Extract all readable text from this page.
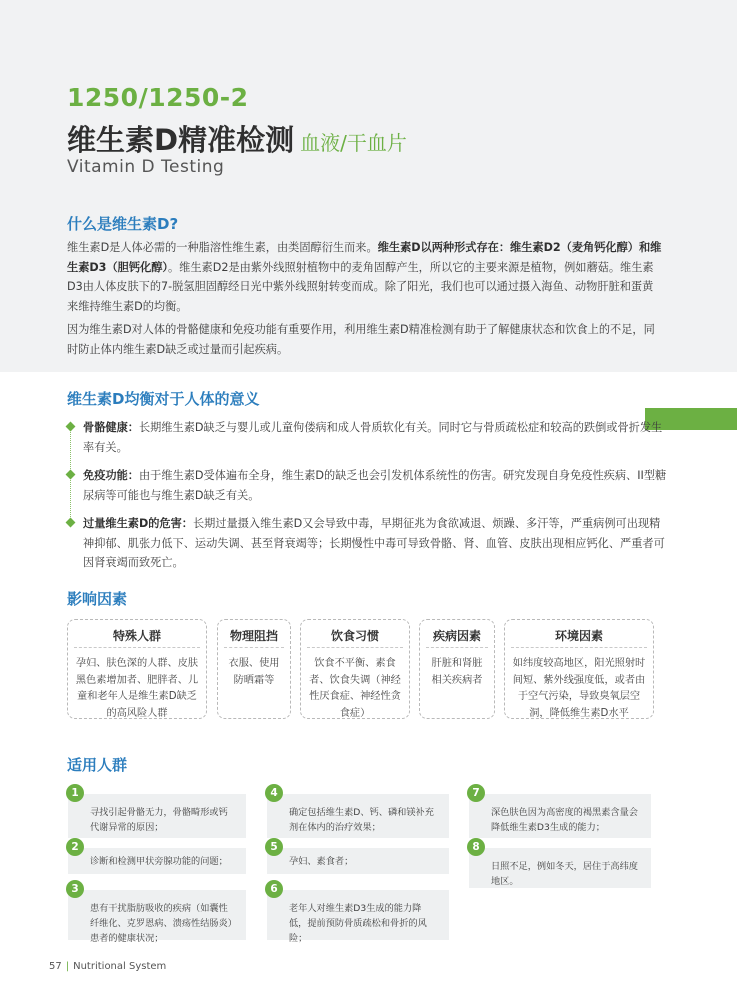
1250/1250-2
维生素D精准检测 血液/干血片
Vitamin D Testing
什么是维生素D?
维生素D是人体必需的一种脂溶性维生素，由类固醇衍生而来。维生素D以两种形式存在：维生素D2（麦角钙化醇）和维生素D3（胆钙化醇）。维生素D2是由紫外线照射植物中的麦角固醇产生，所以它的主要来源是植物，例如蘑菇。维生素D3由人体皮肤下的7-脱氢胆固醇经日光中紫外线照射转变而成。除了阳光，我们也可以通过摄入海鱼、动物肝脏和蛋黄来维持维生素D的均衡。
因为维生素D对人体的骨骼健康和免疫功能有重要作用，利用维生素D精准检测有助于了解健康状态和饮食上的不足，同时防止体内维生素D缺乏或过量而引起疾病。
维生素D均衡对于人体的意义
骨骼健康：长期维生素D缺乏与婴儿或儿童佝偻病和成人骨质软化有关。同时它与骨质疏松症和较高的跌倒或骨折发生率有关。
免疫功能：由于维生素D受体遍布全身，维生素D的缺乏也会引发机体系统性的伤害。研究发现自身免疫性疾病、II型糖尿病等可能也与维生素D缺乏有关。
过量维生素D的危害：长期过量摄入维生素D又会导致中毒，早期征兆为食欲减退、烦躁、多汗等，严重病例可出现精神抑郁、肌张力低下、运动失调、甚至肾衰竭等；长期慢性中毒可导致骨骼、肾、血管、皮肤出现相应钙化、严重者可因肾衰竭而致死亡。
影响因素
特殊人群
孕妇、肤色深的人群、皮肤黑色素增加者、肥胖者、儿童和老年人是维生素D缺乏的高风险人群
物理阻挡
衣服、使用防晒霜等
饮食习惯
饮食不平衡、素食者、饮食失调（神经性厌食症、神经性贪食症）
疾病因素
肝脏和肾脏相关疾病者
环境因素
如纬度较高地区，阳光照射时间短、紫外线强度低，或者由于空气污染，导致臭氧层空洞，降低维生素D水平
适用人群
1
寻找引起骨骼无力，骨骼畸形或钙代谢异常的原因；
2
诊断和检测甲状旁腺功能的问题；
3
患有干扰脂肪吸收的疾病（如囊性纤维化、克罗恩病、溃疡性结肠炎）患者的健康状况；
4
确定包括维生素D、钙、磷和镁补充剂在体内的治疗效果；
5
孕妇、素食者；
6
老年人对维生素D3生成的能力降低，提前预防骨质疏松和骨折的风险；
7
深色肤色因为高密度的褐黑素含量会降低维生素D3生成的能力；
8
日照不足，例如冬天，居住于高纬度地区。
57 | Nutritional System
